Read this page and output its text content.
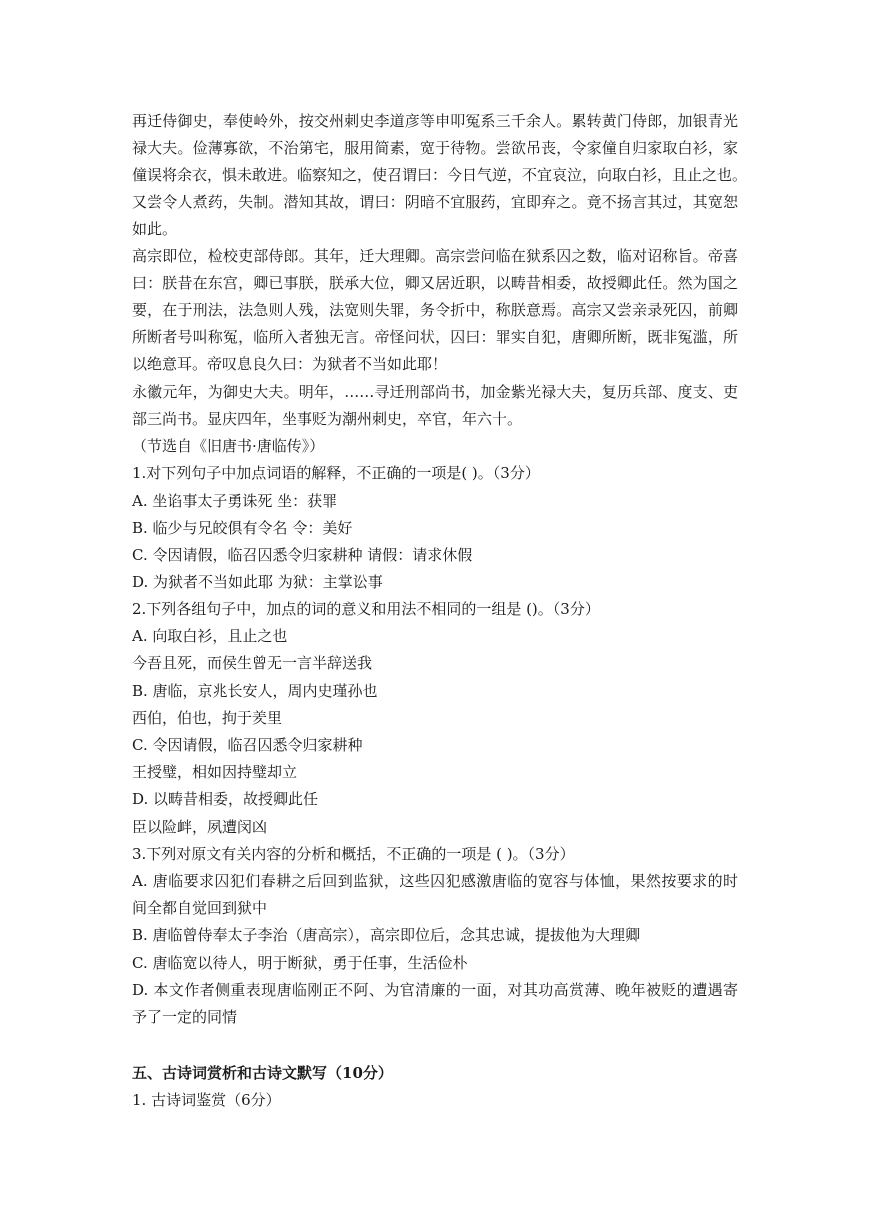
再迁侍御史，奉使岭外，按交州刺史李道彦等申叩冤系三千余人。累转黄门侍郎，加银青光
禄大夫。俭薄寡欲，不治第宅，服用简素，宽于待物。尝欲吊丧，令家僮自归家取白衫，家
僮误将余衣，惧未敢进。临察知之，使召谓曰：今日气逆，不宜哀泣，向取白衫，且止之也。
又尝令人煮药，失制。潜知其故，谓曰：阴暗不宜服药，宜即弃之。竟不扬言其过，其宽恕
如此。
高宗即位，检校吏部侍郎。其年，迁大理卿。高宗尝问临在狱系囚之数，临对诏称旨。帝喜
曰：朕昔在东宫，卿已事朕，朕承大位，卿又居近职，以畴昔相委，故授卿此任。然为国之
要，在于刑法，法急则人残，法宽则失罪，务令折中，称朕意焉。高宗又尝亲录死囚，前卿
所断者号叫称冤，临所入者独无言。帝怪问状，囚曰：罪实自犯，唐卿所断，既非冤滥，所
以绝意耳。帝叹息良久曰：为狱者不当如此耶！
永徽元年，为御史大夫。明年，……寻迁刑部尚书，加金紫光禄大夫，复历兵部、度支、吏
部三尚书。显庆四年，坐事贬为潮州刺史，卒官，年六十。
（节选自《旧唐书·唐临传》）
1.对下列句子中加点词语的解释，不正确的一项是( )。（3分）
A. 坐谄事太子勇诛死 坐：获罪
B. 临少与兄皎俱有令名 令：美好
C. 令因请假，临召囚悉令归家耕种 请假：请求休假
D. 为狱者不当如此耶 为狱：主掌讼事
2.下列各组句子中，加点的词的意义和用法不相同的一组是 ()。（3分）
A. 向取白衫，且止之也
今吾且死，而侯生曾无一言半辞送我
B. 唐临，京兆长安人，周内史瑾孙也
西伯，伯也，拘于羑里
C. 令因请假，临召囚悉令归家耕种
王授璧，相如因持璧却立
D. 以畴昔相委，故授卿此任
臣以险衅，夙遭闵凶
3.下列对原文有关内容的分析和概括，不正确的一项是 ( )。（3分）
A. 唐临要求囚犯们春耕之后回到监狱，这些囚犯感激唐临的宽容与体恤，果然按要求的时
间全都自觉回到狱中
B. 唐临曾侍奉太子李治（唐高宗），高宗即位后，念其忠诚，提拔他为大理卿
C. 唐临宽以待人，明于断狱，勇于任事，生活俭朴
D. 本文作者侧重表现唐临刚正不阿、为官清廉的一面，对其功高赏薄、晚年被贬的遭遇寄
予了一定的同情
五、古诗词赏析和古诗文默写（10分）
1. 古诗词鉴赏（6分）
